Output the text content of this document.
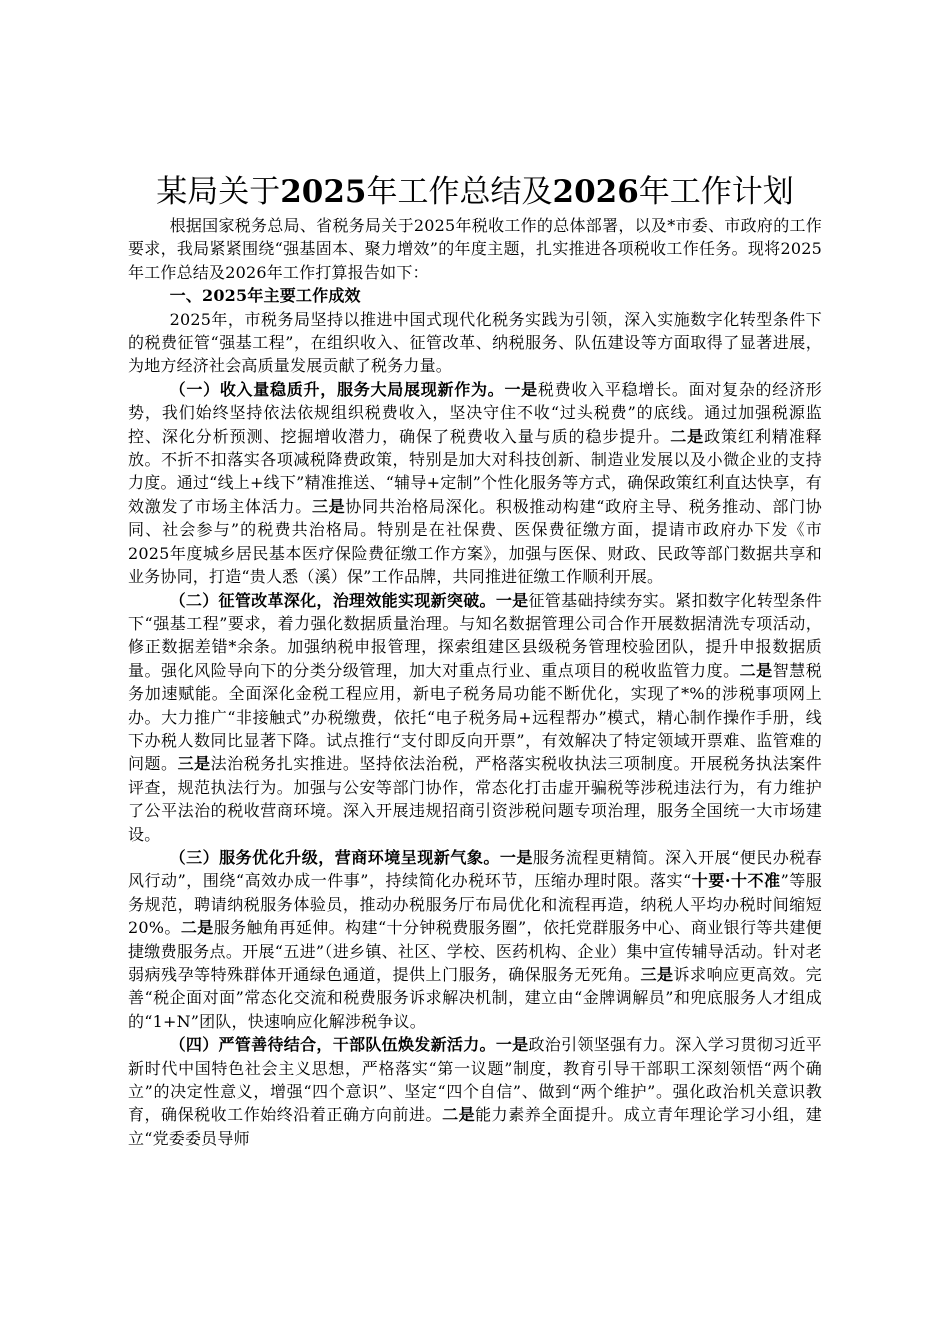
某局关于2025年工作总结及2026年工作计划

根据国家税务总局、省税务局关于2025年税收工作的总体部署，以及*市委、市政府的工作要求，我局紧紧围绕“强基固本、聚力增效”的年度主题，扎实推进各项税收工作任务。现将2025年工作总结及2026年工作打算报告如下：

一、2025年主要工作成效

2025年，市税务局坚持以推进中国式现代化税务实践为引领，深入实施数字化转型条件下的税费征管“强基工程”，在组织收入、征管改革、纳税服务、队伍建设等方面取得了显著进展，为地方经济社会高质量发展贡献了税务力量。

（一）收入量稳质升，服务大局展现新作为。一是税费收入平稳增长。面对复杂的经济形势，我们始终坚持依法依规组织税费收入，坚决守住不收“过头税费”的底线。通过加强税源监控、深化分析预测、挖掘增收潜力，确保了税费收入量与质的稳步提升。二是政策红利精准释放。不折不扣落实各项减税降费政策，特别是加大对科技创新、制造业发展以及小微企业的支持力度。通过“线上+线下”精准推送、“辅导+定制”个性化服务等方式，确保政策红利直达快享，有效激发了市场主体活力。三是协同共治格局深化。积极推动构建“政府主导、税务推动、部门协同、社会参与”的税费共治格局。特别是在社保费、医保费征缴方面，提请市政府办下发《市2025年度城乡居民基本医疗保险费征缴工作方案》，加强与医保、财政、民政等部门数据共享和业务协同，打造“贵人悉（溪）保”工作品牌，共同推进征缴工作顺利开展。

（二）征管改革深化，治理效能实现新突破。一是征管基础持续夯实。紧扣数字化转型条件下“强基工程”要求，着力强化数据质量治理。与知名数据管理公司合作开展数据清洗专项活动，修正数据差错*余条。加强纳税申报管理，探索组建区县级税务管理校验团队，提升申报数据质量。强化风险导向下的分类分级管理，加大对重点行业、重点项目的税收监管力度。二是智慧税务加速赋能。全面深化金税工程应用，新电子税务局功能不断优化，实现了*%的涉税事项网上办。大力推广“非接触式”办税缴费，依托“电子税务局+远程帮办”模式，精心制作操作手册，线下办税人数同比显著下降。试点推行“支付即反向开票”，有效解决了特定领域开票难、监管难的问题。三是法治税务扎实推进。坚持依法治税，严格落实税收执法三项制度。开展税务执法案件评查，规范执法行为。加强与公安等部门协作，常态化打击虚开骗税等涉税违法行为，有力维护了公平法治的税收营商环境。深入开展违规招商引资涉税问题专项治理，服务全国统一大市场建设。

（三）服务优化升级，营商环境呈现新气象。一是服务流程更精简。深入开展“便民办税春风行动”，围绕“高效办成一件事”，持续简化办税环节，压缩办理时限。落实“十要·十不准”等服务规范，聘请纳税服务体验员，推动办税服务厅布局优化和流程再造，纳税人平均办税时间缩短20%。二是服务触角再延伸。构建“十分钟税费服务圈”，依托党群服务中心、商业银行等共建便捷缴费服务点。开展“五进”（进乡镇、社区、学校、医药机构、企业）集中宣传辅导活动。针对老弱病残孕等特殊群体开通绿色通道，提供上门服务，确保服务无死角。三是诉求响应更高效。完善“税企面对面”常态化交流和税费服务诉求解决机制，建立由“金牌调解员”和兜底服务人才组成的“1+N”团队，快速响应化解涉税争议。

（四）严管善待结合，干部队伍焕发新活力。一是政治引领坚强有力。深入学习贯彻习近平新时代中国特色社会主义思想，严格落实“第一议题”制度，教育引导干部职工深刻领悟“两个确立”的决定性意义，增强“四个意识”、坚定“四个自信”、做到“两个维护”。强化政治机关意识教育，确保税收工作始终沿着正确方向前进。二是能力素养全面提升。成立青年理论学习小组，建立“党委委员导师
